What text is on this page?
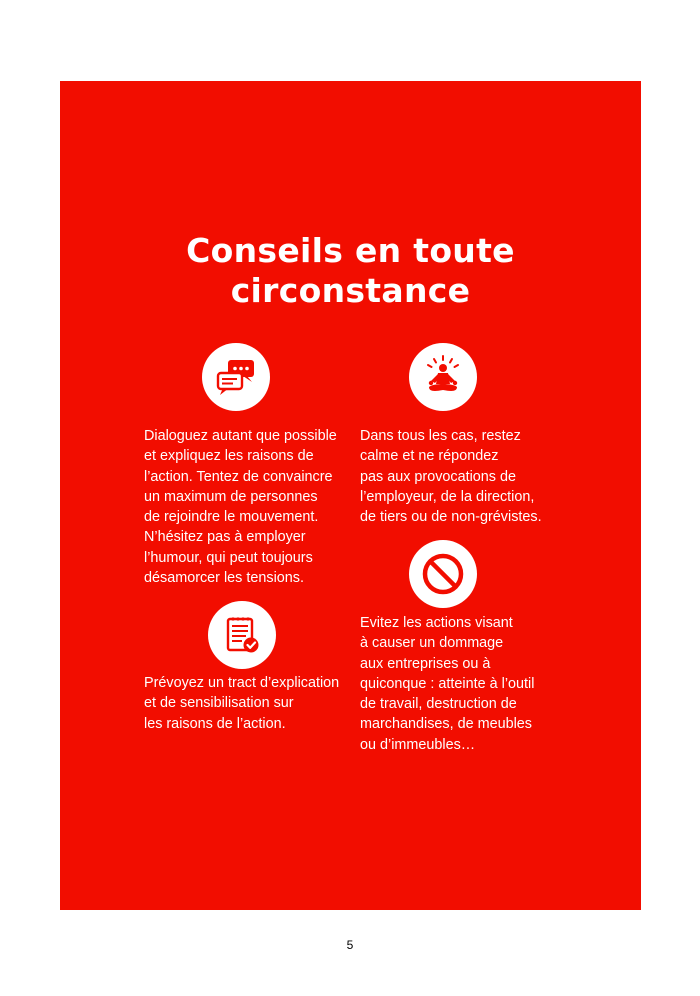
Conseils en toute
circonstance
Dialoguez autant que possible
et expliquez les raisons de
l’action. Tentez de convaincre
un maximum de personnes
de rejoindre le mouvement.
N’hésitez pas à employer
l’humour, qui peut toujours
désamorcer les tensions.
Dans tous les cas, restez
calme et ne répondez
pas aux provocations de
l’employeur, de la direction,
de tiers ou de non-grévistes.
Prévoyez un tract d’explication
et de sensibilisation sur
les raisons de l’action.
Evitez les actions visant
à causer un dommage
aux entreprises ou à
quiconque : atteinte à l’outil
de travail, destruction de
marchandises, de meubles
ou d’immeubles…
5
